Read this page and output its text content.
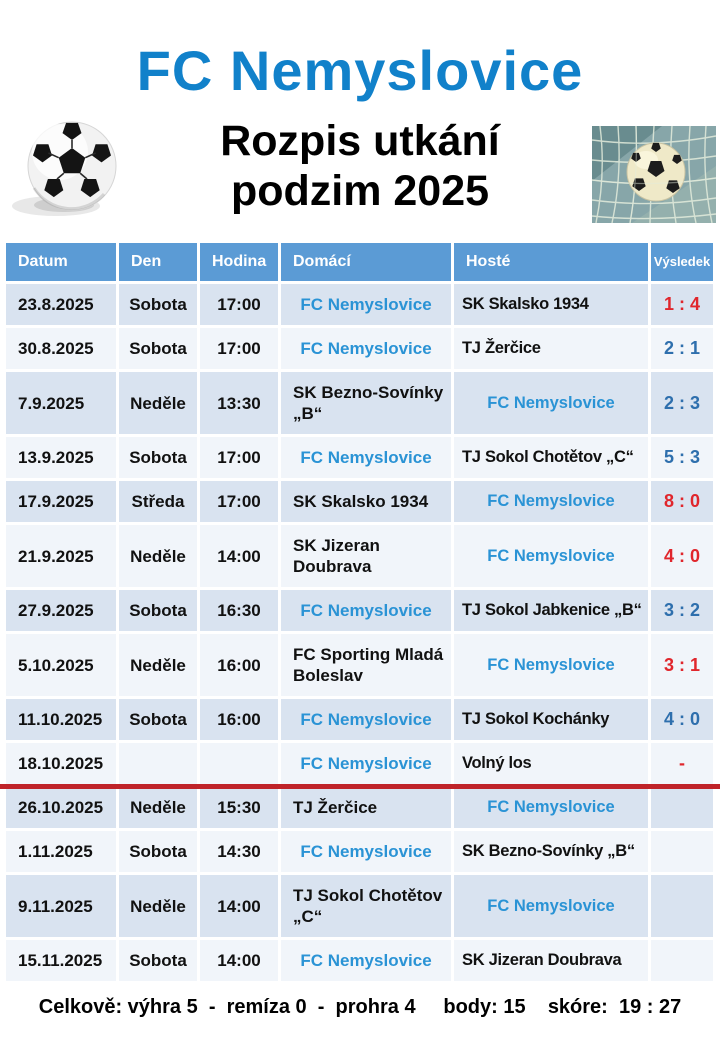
FC Nemyslovice
Rozpis utkání
podzim 2025
Datum	Den	Hodina	Domácí	Hosté	Výsledek
23.8.2025	Sobota	17:00	FC Nemyslovice	SK Skalsko 1934	1 : 4
30.8.2025	Sobota	17:00	FC Nemyslovice	TJ Žerčice	2 : 1
7.9.2025	Neděle	13:30	SK Bezno-Sovínky „B“	FC Nemyslovice	2 : 3
13.9.2025	Sobota	17:00	FC Nemyslovice	TJ Sokol Chotětov „C“	5 : 3
17.9.2025	Středa	17:00	SK Skalsko 1934	FC Nemyslovice	8 : 0
21.9.2025	Neděle	14:00	SK Jizeran Doubrava	FC Nemyslovice	4 : 0
27.9.2025	Sobota	16:30	FC Nemyslovice	TJ Sokol Jabkenice „B“	3 : 2
5.10.2025	Neděle	16:00	FC Sporting Mladá Boleslav	FC Nemyslovice	3 : 1
11.10.2025	Sobota	16:00	FC Nemyslovice	TJ Sokol Kochánky	4 : 0
18.10.2025			FC Nemyslovice	Volný los	-
26.10.2025	Neděle	15:30	TJ Žerčice	FC Nemyslovice	
1.11.2025	Sobota	14:30	FC Nemyslovice	SK Bezno-Sovínky „B“	
9.11.2025	Neděle	14:00	TJ Sokol Chotětov „C“	FC Nemyslovice	
15.11.2025	Sobota	14:00	FC Nemyslovice	SK Jizeran Doubrava	
Celkově: výhra 5  -  remíza 0  -  prohra 4     body: 15    skóre:  19 : 27
